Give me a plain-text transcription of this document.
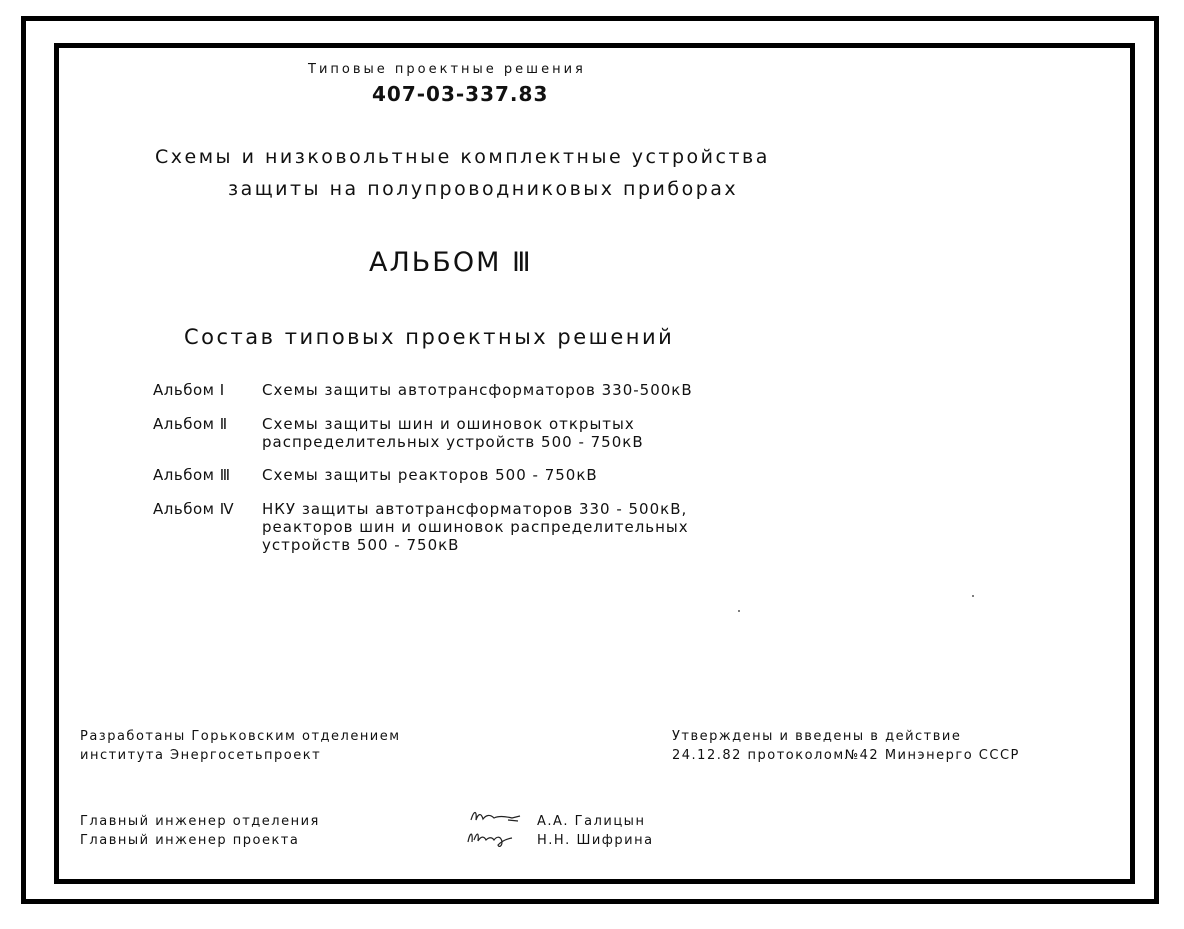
Типовые проектные решения
407-03-337.83
Схемы и низковольтные комплектные устройства
защиты на полупроводниковых приборах
АЛЬБОМ Ⅲ
Состав типовых проектных решений
Альбом Ⅰ Схемы защиты автотрансформаторов 330-500кВ
Альбом Ⅱ Схемы защиты шин и ошиновок открытых
распределительных устройств 500 - 750кВ
Альбом Ⅲ Схемы защиты реакторов 500 - 750кВ
Альбом Ⅳ НКУ защиты автотрансформаторов 330 - 500кВ,
реакторов шин и ошиновок распределительных
устройств 500 - 750кВ
Разработаны Горьковским отделением
института Энергосетьпроект
Утверждены и введены в действие
24.12.82 протоколом№42 Минэнерго СССР
Главный инженер отделения	А.А. Галицын
Главный инженер проекта	Н.Н. Шифрина
